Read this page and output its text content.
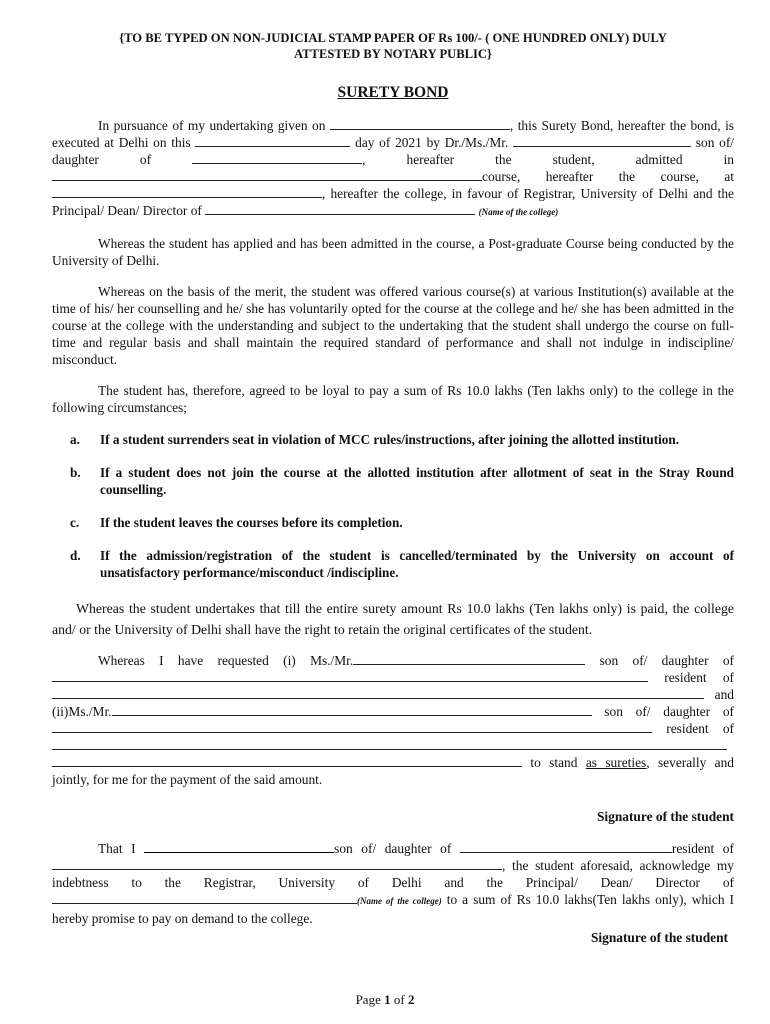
{TO BE TYPED ON NON-JUDICIAL STAMP PAPER OF Rs 100/- ( ONE HUNDRED ONLY) DULY
ATTESTED BY NOTARY PUBLIC}
SURETY BOND

In pursuance of my undertaking given on	, this Surety Bond, hereafter the bond, is executed at Delhi on this	day of 2021 by Dr./Ms./Mr.	son of/ daughter of	, hereafter the student, admitted incourse, hereafter the course, at , hereafter the college, in favour of Registrar, University of Delhi and the Principal/ Dean/ Director of	(Name of the college)

Whereas the student has applied and has been admitted in the course, a Post-graduate Course being conducted by the University of Delhi.

Whereas on the basis of the merit, the student was offered various course(s) at various Institution(s) available at the time of his/ her counselling and he/ she has voluntarily opted for the course at the college and he/ she has been admitted in the course at the college with the understanding and subject to the undertaking that the student shall undergo the course on full-time and regular basis and shall maintain the required standard of performance and shall not indulge in indiscipline/ misconduct.

The student has, therefore, agreed to be loyal to pay a sum of Rs 10.0 lakhs (Ten lakhs only) to the college in the following circumstances;

a.	If a student surrenders seat in violation of MCC rules/instructions, after joining the allotted institution.
b.	If a student does not join the course at the allotted institution after allotment of seat in the Stray Round counselling.
c.	If the student leaves the courses before its completion.
d.	If the admission/registration of the student is cancelled/terminated by the University on account of unsatisfactory performance/misconduct /indiscipline.

Whereas the student undertakes that till the entire surety amount Rs 10.0 lakhs (Ten lakhs only) is paid, the college and/ or the University of Delhi shall have the right to retain the original certificates of the student.

Whereas I have requested (i) Ms./Mr.	son of/ daughter of  resident of  and (ii)Ms./Mr.	son of/ daughter of  resident of   to stand as sureties, severally and jointly, for me for the payment of the said amount.

Signature of the student

That I	son of/ daughter of	resident of , the student aforesaid, acknowledge my indebtness to the Registrar, University of Delhi and the Principal/ Dean/ Director of (Name of the college) to a sum of Rs 10.0 lakhs(Ten lakhs only), which I hereby promise to pay on demand to the college.

Signature of the student
Page 1 of 2
